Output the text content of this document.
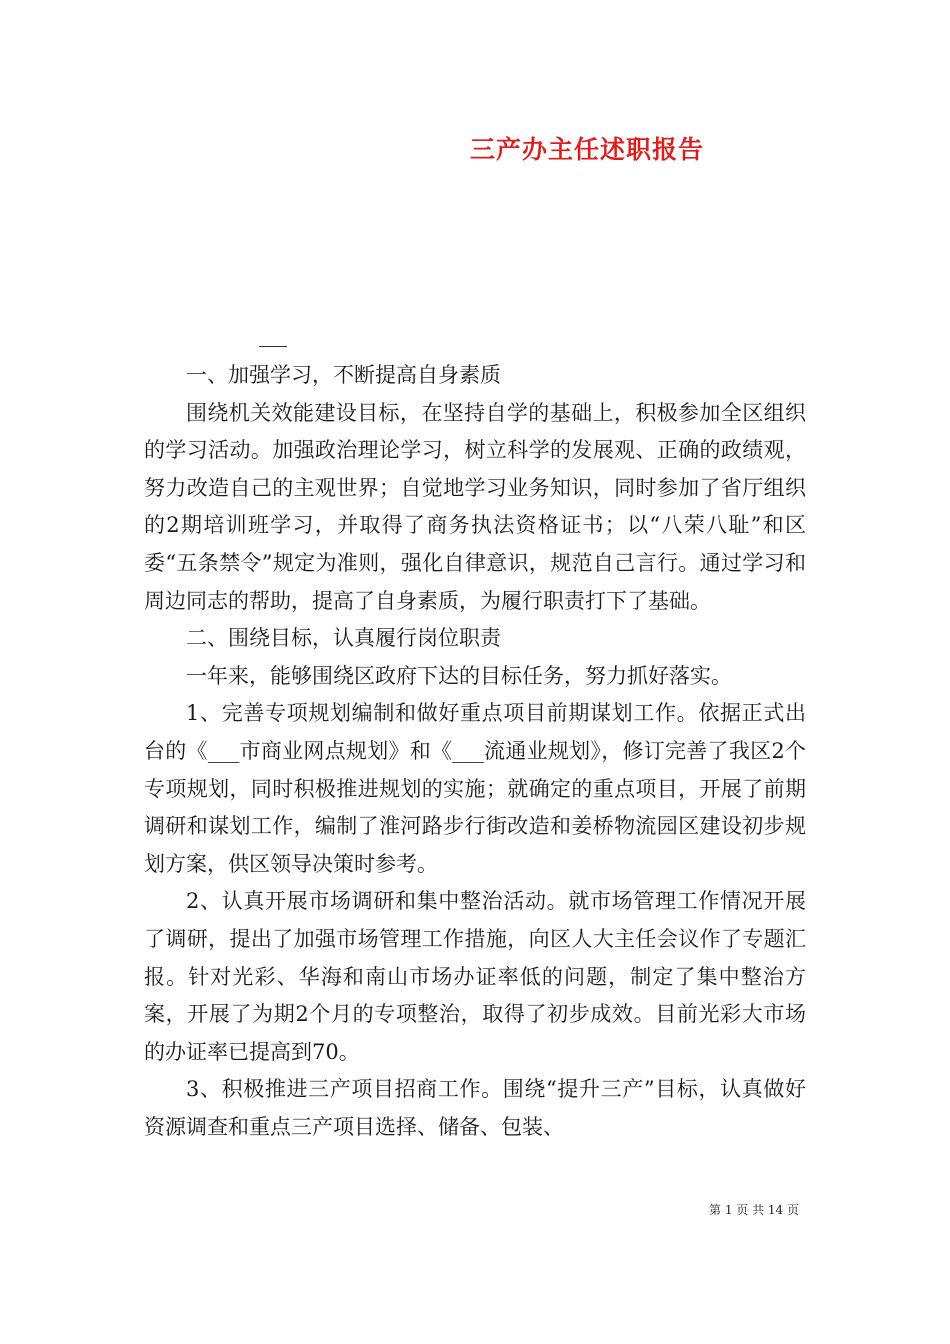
三产办主任述职报告

一、加强学习，不断提高自身素质

围绕机关效能建设目标，在坚持自学的基础上，积极参加全区组织的学习活动。加强政治理论学习，树立科学的发展观、正确的政绩观，努力改造自己的主观世界；自觉地学习业务知识，同时参加了省厅组织的2期培训班学习，并取得了商务执法资格证书；以“八荣八耻”和区委“五条禁令”规定为准则，强化自律意识，规范自己言行。通过学习和周边同志的帮助，提高了自身素质，为履行职责打下了基础。

二、围绕目标，认真履行岗位职责

一年来，能够围绕区政府下达的目标任务，努力抓好落实。

1、完善专项规划编制和做好重点项目前期谋划工作。依据正式出台的《___市商业网点规划》和《___流通业规划》，修订完善了我区2个专项规划，同时积极推进规划的实施；就确定的重点项目，开展了前期调研和谋划工作，编制了淮河路步行街改造和姜桥物流园区建设初步规划方案，供区领导决策时参考。

2、认真开展市场调研和集中整治活动。就市场管理工作情况开展了调研，提出了加强市场管理工作措施，向区人大主任会议作了专题汇报。针对光彩、华海和南山市场办证率低的问题，制定了集中整治方案，开展了为期2个月的专项整治，取得了初步成效。目前光彩大市场的办证率已提高到70。

3、积极推进三产项目招商工作。围绕“提升三产”目标，认真做好资源调查和重点三产项目选择、储备、包装、

第 1 页 共 14 页
